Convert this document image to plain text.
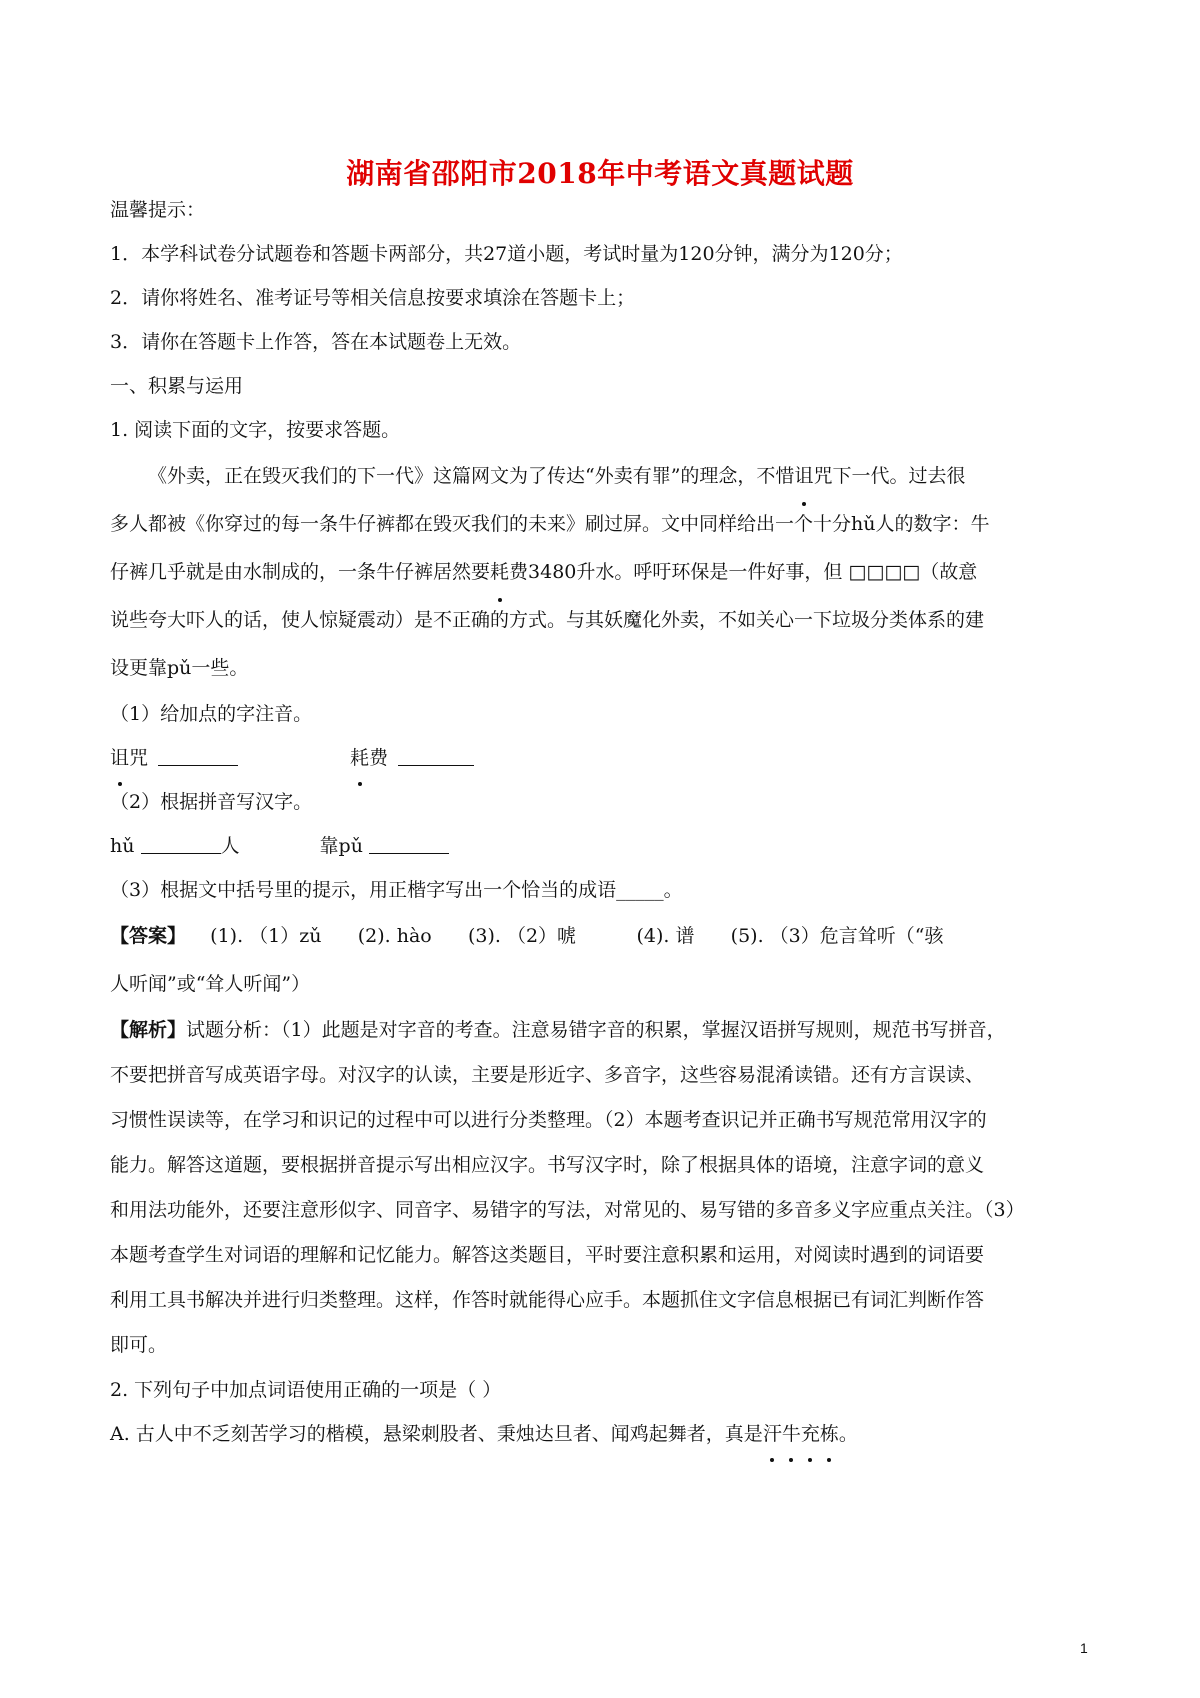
湖南省邵阳市2018年中考语文真题试题
温馨提示：
1．本学科试卷分试题卷和答题卡两部分，共27道小题，考试时量为120分钟，满分为120分；
2．请你将姓名、准考证号等相关信息按要求填涂在答题卡上；
3．请你在答题卡上作答，答在本试题卷上无效。
一、积累与运用
1. 阅读下面的文字，按要求答题。
《外卖，正在毁灭我们的下一代》这篇网文为了传达“外卖有罪”的理念，不惜诅咒下一代。过去很
多人都被《你穿过的每一条牛仔裤都在毁灭我们的未来》刷过屏。文中同样给出一个十分hǔ人的数字：牛
仔裤几乎就是由水制成的，一条牛仔裤居然要耗费3480升水。呼吁环保是一件好事，但 □□□□（故意
说些夸大吓人的话，使人惊疑震动）是不正确的方式。与其妖魔化外卖，不如关心一下垃圾分类体系的建
设更靠pǔ一些。
（1）给加点的字注音。
诅咒	耗费
（2）根据拼音写汉字。
hǔ	人	靠pǔ
（3）根据文中括号里的提示，用正楷字写出一个恰当的成语_____。
【答案】    (1). （1）zǔ      (2). hào      (3). （2）唬          (4). 谱      (5). （3）危言耸听（“骇
人听闻”或“耸人听闻”）
【解析】试题分析：（1）此题是对字音的考查。注意易错字音的积累，掌握汉语拼写规则，规范书写拼音，
不要把拼音写成英语字母。对汉字的认读，主要是形近字、多音字，这些容易混淆读错。还有方言误读、
习惯性误读等，在学习和识记的过程中可以进行分类整理。（2）本题考查识记并正确书写规范常用汉字的
能力。解答这道题，要根据拼音提示写出相应汉字。书写汉字时，除了根据具体的语境，注意字词的意义
和用法功能外，还要注意形似字、同音字、易错字的写法，对常见的、易写错的多音多义字应重点关注。（3）
本题考查学生对词语的理解和记忆能力。解答这类题目，平时要注意积累和运用，对阅读时遇到的词语要
利用工具书解决并进行归类整理。这样，作答时就能得心应手。本题抓住文字信息根据已有词汇判断作答
即可。
2. 下列句子中加点词语使用正确的一项是（ ）
A. 古人中不乏刻苦学习的楷模，悬梁刺股者、秉烛达旦者、闻鸡起舞者，真是汗牛充栋。
1
